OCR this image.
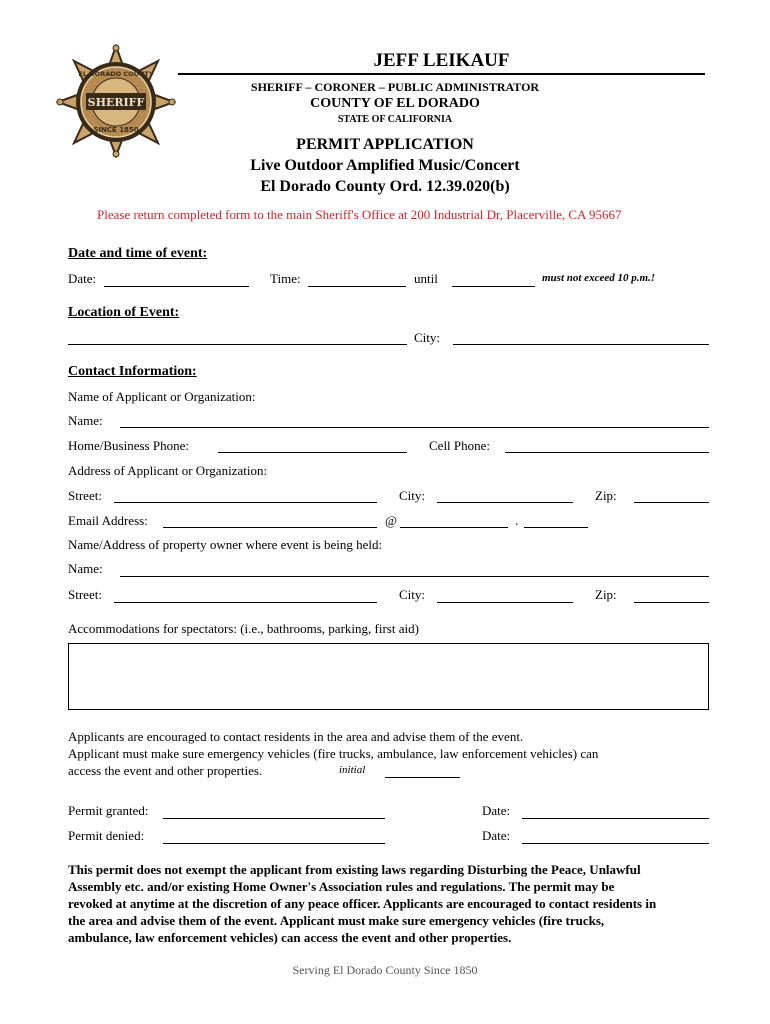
SHERIFF
EL DORADO COUNTY
SINCE 1850
JEFF LEIKAUF
SHERIFF – CORONER – PUBLIC ADMINISTRATOR
COUNTY OF EL DORADO
STATE OF CALIFORNIA
PERMIT APPLICATION
Live Outdoor Amplified Music/Concert
El Dorado County Ord. 12.39.020(b)
Please return completed form to the main Sheriff's Office at 200 Industrial Dr, Placerville, CA 95667
Date and time of event:
Date:	Time:	until	must not exceed 10 p.m.!
Location of Event:
City:
Contact Information:
Name of Applicant or Organization:
Name:
Home/Business Phone:	Cell Phone:
Address of Applicant or Organization:
Street:	City:	Zip:
Email Address:	@	.
Name/Address of property owner where event is being held:
Name:
Street:	City:	Zip:
Accommodations for spectators: (i.e., bathrooms, parking, first aid)
Applicants are encouraged to contact residents in the area and advise them of the event.
Applicant must make sure emergency vehicles (fire trucks, ambulance, law enforcement vehicles) can
access the event and other properties.	initial
Permit granted:	Date:
Permit denied:	Date:
This permit does not exempt the applicant from existing laws regarding Disturbing the Peace, Unlawful
Assembly etc. and/or existing Home Owner's Association rules and regulations. The permit may be
revoked at anytime at the discretion of any peace officer. Applicants are encouraged to contact residents in
the area and advise them of the event. Applicant must make sure emergency vehicles (fire trucks,
ambulance, law enforcement vehicles) can access the event and other properties.
Serving El Dorado County Since 1850
